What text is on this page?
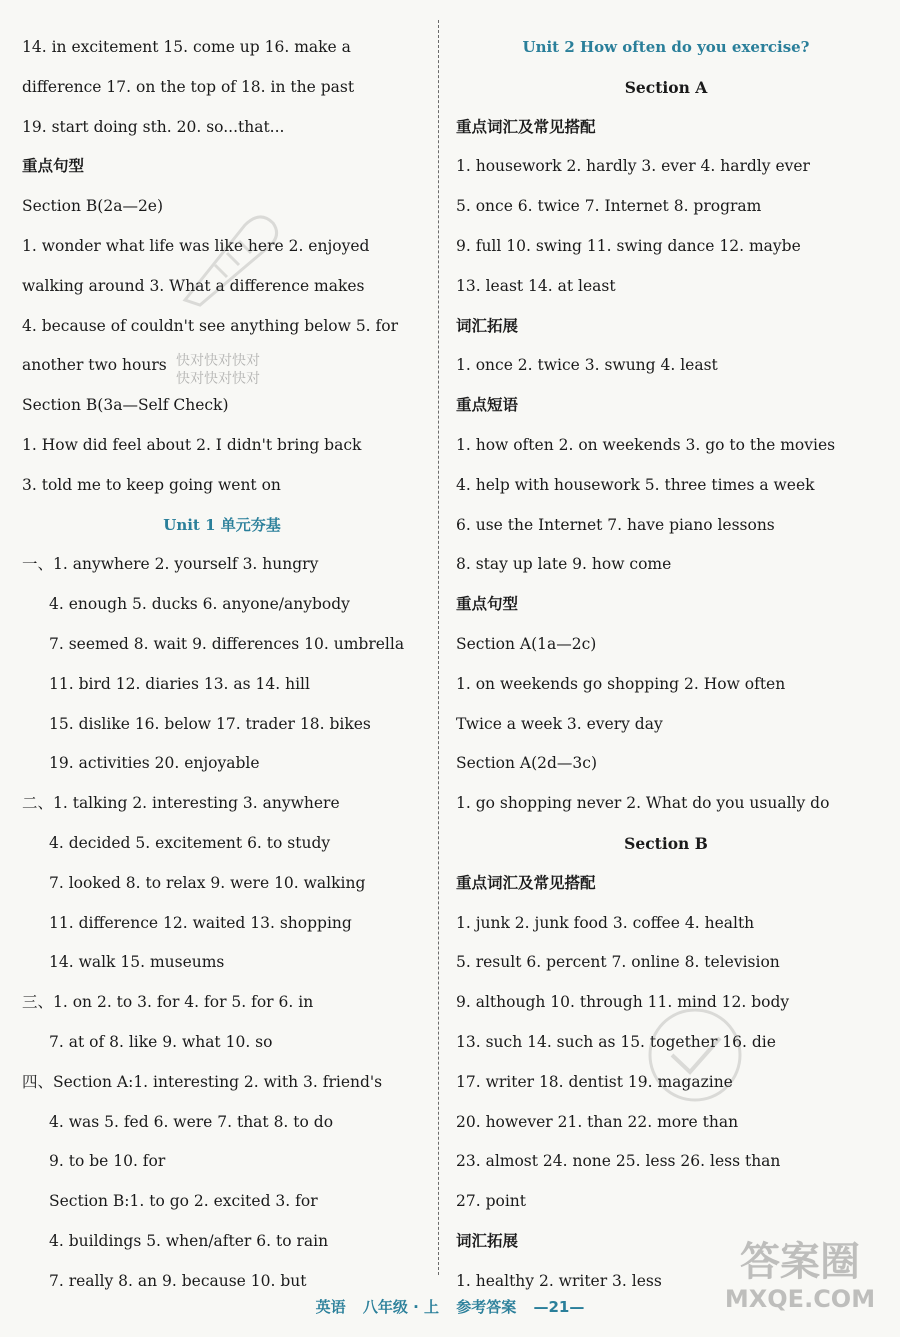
14. in excitement 15. come up 16. make a
difference 17. on the top of 18. in the past
19. start doing sth. 20. so...that...
重点句型
Section B(2a—2e)
1. wonder what life was like here 2. enjoyed
walking around 3. What a difference makes
4. because of couldn't see anything below 5. for
another two hours
Section B(3a—Self Check)
1. How did feel about 2. I didn't bring back
3. told me to keep going went on
Unit 1 单元夯基
一、1. anywhere 2. yourself 3. hungry
4. enough 5. ducks 6. anyone/anybody
7. seemed 8. wait 9. differences 10. umbrella
11. bird 12. diaries 13. as 14. hill
15. dislike 16. below 17. trader 18. bikes
19. activities 20. enjoyable
二、1. talking 2. interesting 3. anywhere
4. decided 5. excitement 6. to study
7. looked 8. to relax 9. were 10. walking
11. difference 12. waited 13. shopping
14. walk 15. museums
三、1. on 2. to 3. for 4. for 5. for 6. in
7. at of 8. like 9. what 10. so
四、Section A:1. interesting 2. with 3. friend's
4. was 5. fed 6. were 7. that 8. to do
9. to be 10. for
Section B:1. to go 2. excited 3. for
4. buildings 5. when/after 6. to rain
7. really 8. an 9. because 10. but
Unit 2 How often do you exercise?
Section A
重点词汇及常见搭配
1. housework 2. hardly 3. ever 4. hardly ever
5. once 6. twice 7. Internet 8. program
9. full 10. swing 11. swing dance 12. maybe
13. least 14. at least
词汇拓展
1. once 2. twice 3. swung 4. least
重点短语
1. how often 2. on weekends 3. go to the movies
4. help with housework 5. three times a week
6. use the Internet 7. have piano lessons
8. stay up late 9. how come
重点句型
Section A(1a—2c)
1. on weekends go shopping 2. How often
Twice a week 3. every day
Section A(2d—3c)
1. go shopping never 2. What do you usually do
Section B
重点词汇及常见搭配
1. junk 2. junk food 3. coffee 4. health
5. result 6. percent 7. online 8. television
9. although 10. through 11. mind 12. body
13. such 14. such as 15. together 16. die
17. writer 18. dentist 19. magazine
20. however 21. than 22. more than
23. almost 24. none 25. less 26. less than
27. point
词汇拓展
1. healthy 2. writer 3. less
快对快对快对
快对快对快对
答案圈
MXQE.COM
英语 八年级 · 上 参考答案 —21—
